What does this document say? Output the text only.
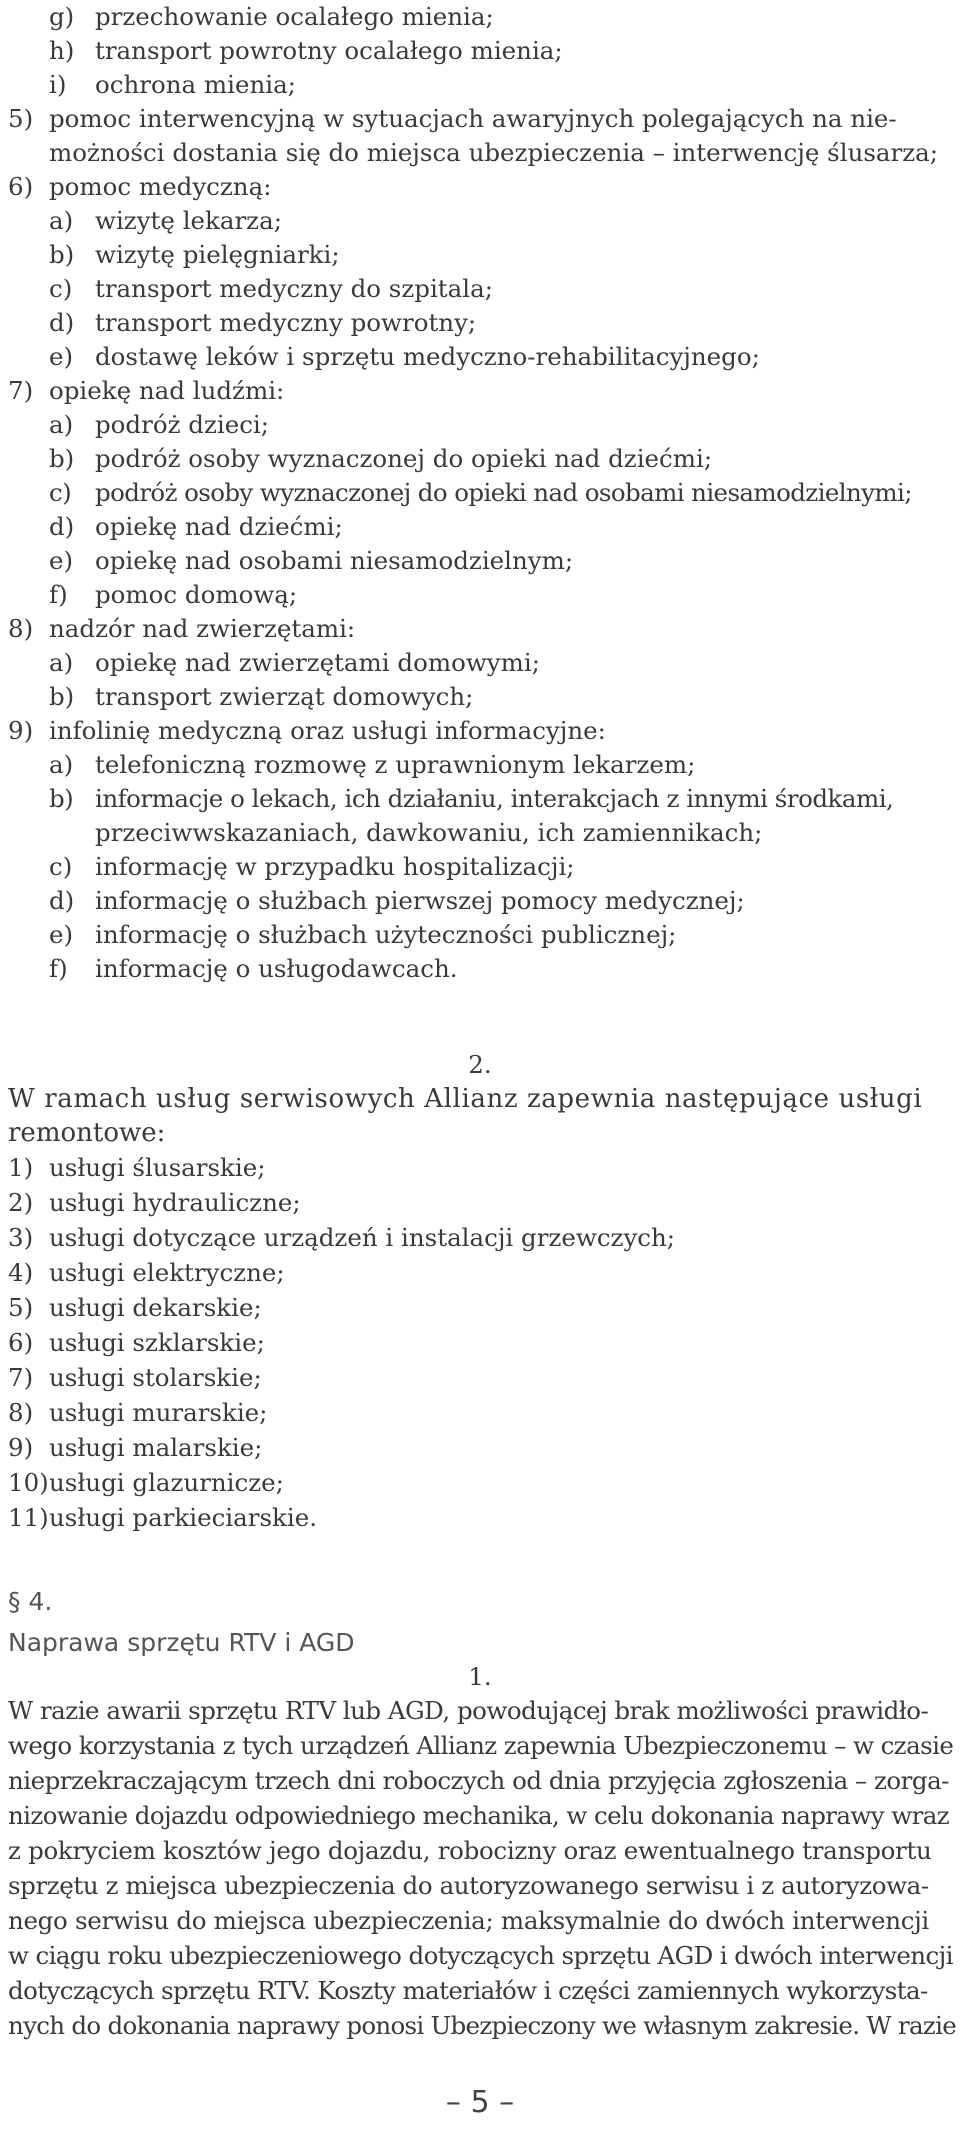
g) przechowanie ocalałego mienia;
h) transport powrotny ocalałego mienia;
i) ochrona mienia;
5) pomoc interwencyjną w sytuacjach awaryjnych polegających na nie-
możności dostania się do miejsca ubezpieczenia – interwencję ślusarza;
6) pomoc medyczną:
a) wizytę lekarza;
b) wizytę pielęgniarki;
c) transport medyczny do szpitala;
d) transport medyczny powrotny;
e) dostawę leków i sprzętu medyczno-rehabilitacyjnego;
7) opiekę nad ludźmi:
a) podróż dzieci;
b) podróż osoby wyznaczonej do opieki nad dziećmi;
c) podróż osoby wyznaczonej do opieki nad osobami niesamodzielnymi;
d) opiekę nad dziećmi;
e) opiekę nad osobami niesamodzielnym;
f) pomoc domową;
8) nadzór nad zwierzętami:
a) opiekę nad zwierzętami domowymi;
b) transport zwierząt domowych;
9) infolinię medyczną oraz usługi informacyjne:
a) telefoniczną rozmowę z uprawnionym lekarzem;
b) informacje o lekach, ich działaniu, interakcjach z innymi środkami,
przeciwwskazaniach, dawkowaniu, ich zamiennikach;
c) informację w przypadku hospitalizacji;
d) informację o służbach pierwszej pomocy medycznej;
e) informację o służbach użyteczności publicznej;
f) informację o usługodawcach.
2.
W ramach usług serwisowych Allianz zapewnia następujące usługi
remontowe:
1) usługi ślusarskie;
2) usługi hydrauliczne;
3) usługi dotyczące urządzeń i instalacji grzewczych;
4) usługi elektryczne;
5) usługi dekarskie;
6) usługi szklarskie;
7) usługi stolarskie;
8) usługi murarskie;
9) usługi malarskie;
10) usługi glazurnicze;
11) usługi parkieciarskie.
§ 4.
Naprawa sprzętu RTV i AGD
1.
W razie awarii sprzętu RTV lub AGD, powodującej brak możliwości prawidło-
wego korzystania z tych urządzeń Allianz zapewnia Ubezpieczonemu – w czasie
nieprzekraczającym trzech dni roboczych od dnia przyjęcia zgłoszenia – zorga-
nizowanie dojazdu odpowiedniego mechanika, w celu dokonania naprawy wraz
z pokryciem kosztów jego dojazdu, robocizny oraz ewentualnego transportu
sprzętu z miejsca ubezpieczenia do autoryzowanego serwisu i z autoryzowa-
nego serwisu do miejsca ubezpieczenia; maksymalnie do dwóch interwencji
w ciągu roku ubezpieczeniowego dotyczących sprzętu AGD i dwóch interwencji
dotyczących sprzętu RTV. Koszty materiałów i części zamiennych wykorzysta-
nych do dokonania naprawy ponosi Ubezpieczony we własnym zakresie. W razie
– 5 –
